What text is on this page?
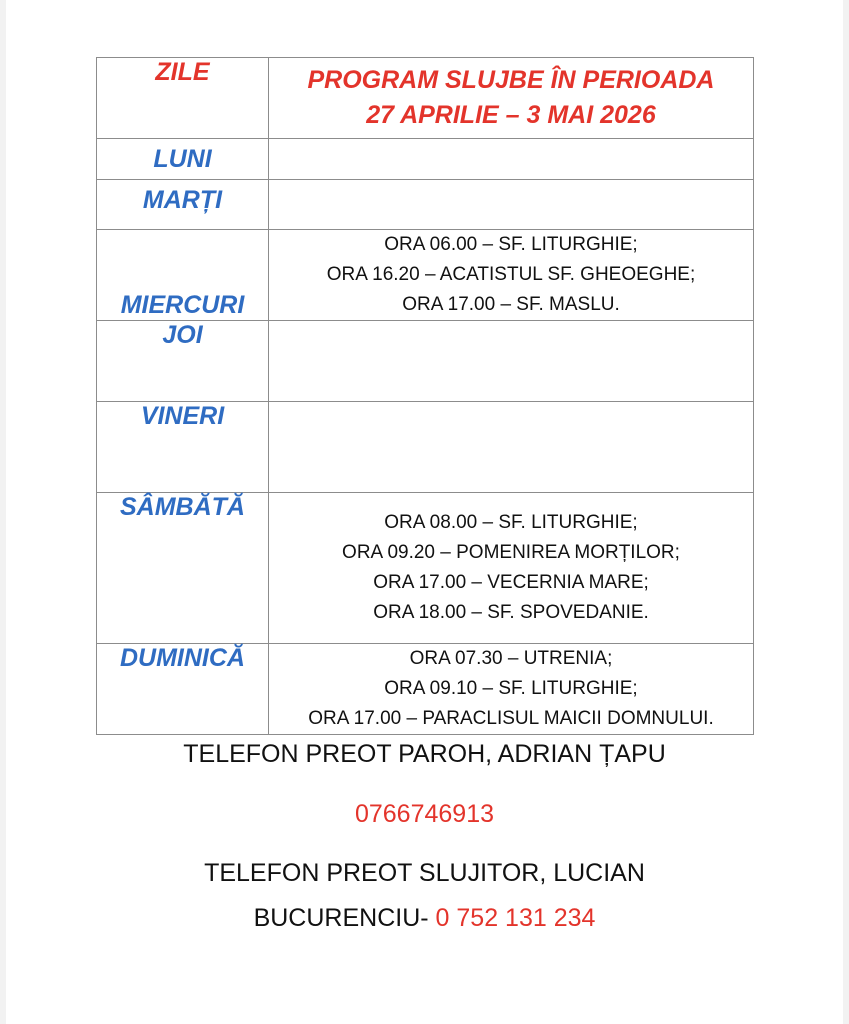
ZILE	PROGRAM SLUJBE ÎN PERIOADA
27 APRILIE – 3 MAI 2026

LUNI	
MARȚI	
MIERCURI	ORA 06.00 – SF. LITURGHIE;
ORA 16.20 – ACATISTUL SF. GHEOEGHE;
ORA 17.00 – SF. MASLU.

JOI	
VINERI	
SÂMBĂTĂ	ORA 08.00 – SF. LITURGHIE;
ORA 09.20 – POMENIREA MORȚILOR;
ORA 17.00 – VECERNIA MARE;
ORA 18.00 – SF. SPOVEDANIE.

DUMINICĂ	ORA 07.30 – UTRENIA;
ORA 09.10 – SF. LITURGHIE;
ORA 17.00 – PARACLISUL MAICII DOMNULUI.
TELEFON PREOT PAROH, ADRIAN ȚAPU
0766746913
TELEFON PREOT SLUJITOR, LUCIAN
BUCURENCIU- 0 752 131 234
